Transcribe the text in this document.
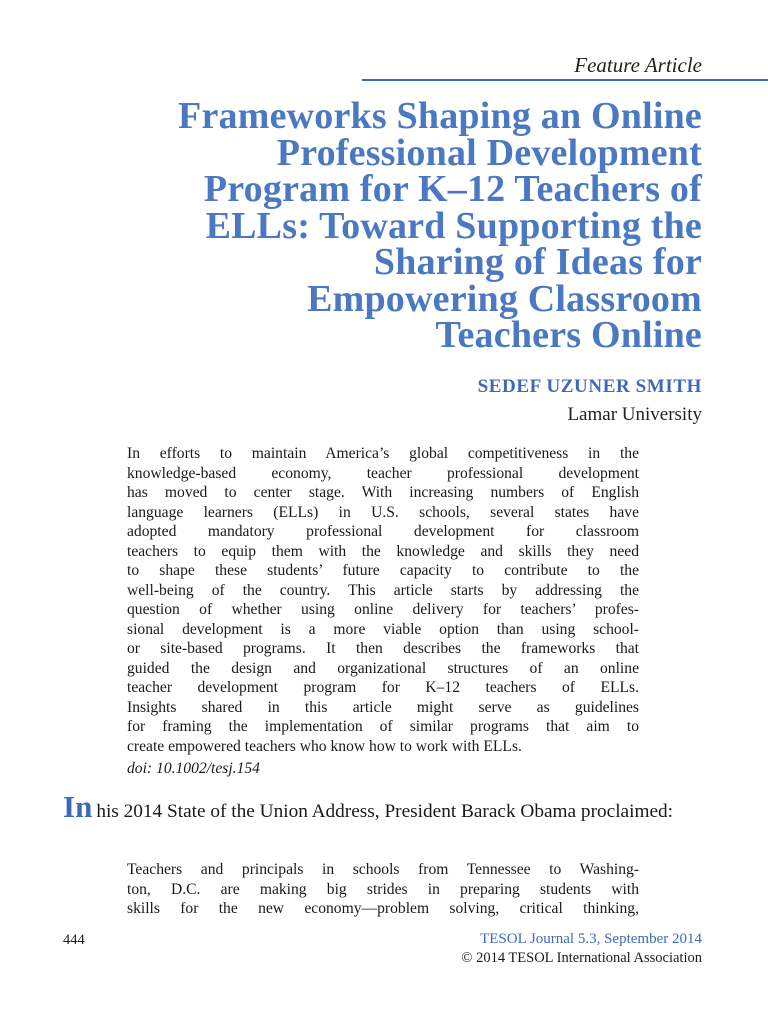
Feature Article
Frameworks Shaping an Online
Professional Development
Program for K–12 Teachers of
ELLs: Toward Supporting the
Sharing of Ideas for
Empowering Classroom
Teachers Online
SEDEF UZUNER SMITH
Lamar University

In efforts to maintain America’s global competitiveness in the
knowledge-based economy, teacher professional development
has moved to center stage. With increasing numbers of English
language learners (ELLs) in U.S. schools, several states have
adopted mandatory professional development for classroom
teachers to equip them with the knowledge and skills they need
to shape these students’ future capacity to contribute to the
well-being of the country. This article starts by addressing the
question of whether using online delivery for teachers’ profes-
sional development is a more viable option than using school-
or site-based programs. It then describes the frameworks that
guided the design and organizational structures of an online
teacher development program for K–12 teachers of ELLs.
Insights shared in this article might serve as guidelines
for framing the implementation of similar programs that aim to
create empowered teachers who know how to work with ELLs.

doi: 10.1002/tesj.154

In his 2014 State of the Union Address, President Barack Obama proclaimed:

Teachers and principals in schools from Tennessee to Washing-
ton, D.C. are making big strides in preparing students with
skills for the new economy—problem solving, critical thinking,

444	TESOL Journal 5.3, September 2014
© 2014 TESOL International Association
